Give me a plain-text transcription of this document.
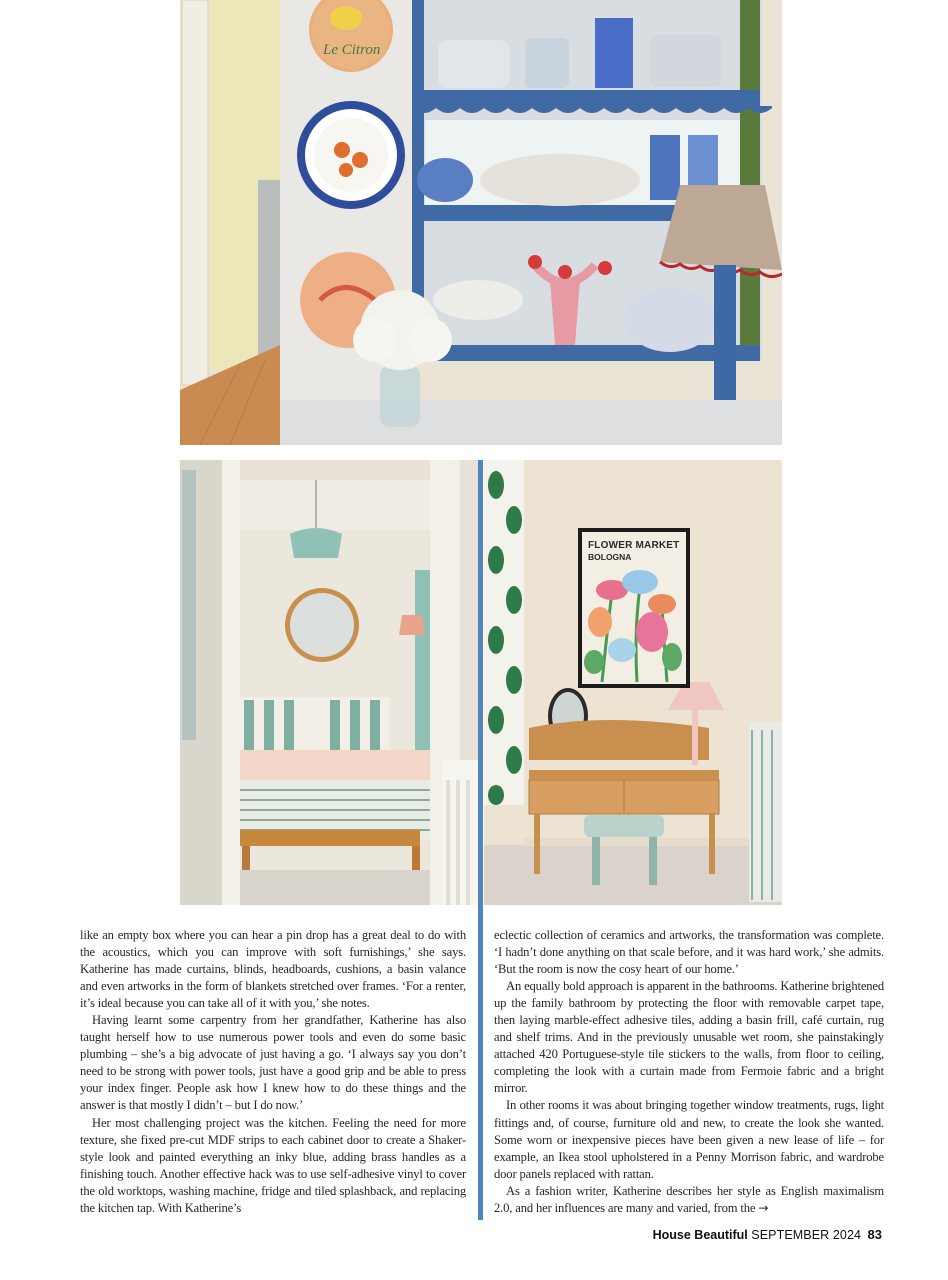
Le Citron
FLOWER MARKET
BOLOGNA

like an empty box where you can hear a pin drop has a great deal to do with the acoustics, which you can improve with soft furnishings,’ she says. Katherine has made curtains, blinds, headboards, cushions, a basin valance and even artworks in the form of blankets stretched over frames. ‘For a renter, it’s ideal because you can take all of it with you,’ she notes.

Having learnt some carpentry from her grandfather, Katherine has also taught herself how to use numerous power tools and even do some basic plumbing – she’s a big advocate of just having a go. ‘I always say you don’t need to be strong with power tools, just have a good grip and be able to press your index finger. People ask how I knew how to do these things and the answer is that mostly I didn’t – but I do now.’

Her most challenging project was the kitchen. Feeling the need for more texture, she fixed pre-cut MDF strips to each cabinet door to create a Shaker-style look and painted everything an inky blue, adding brass handles as a finishing touch. Another effective hack was to use self-adhesive vinyl to cover the old worktops, washing machine, fridge and tiled splashback, and replacing the kitchen tap. With Katherine’s

eclectic collection of ceramics and artworks, the transformation was complete. ‘I hadn’t done anything on that scale before, and it was hard work,’ she admits. ‘But the room is now the cosy heart of our home.’

An equally bold approach is apparent in the bathrooms. Katherine brightened up the family bathroom by protecting the floor with removable carpet tape, then laying marble-effect adhesive tiles, adding a basin frill, café curtain, rug and shelf trims. And in the previously unusable wet room, she painstakingly attached 420 Portuguese-style tile stickers to the walls, from floor to ceiling, completing the look with a curtain made from Fermoie fabric and a bright mirror.

In other rooms it was about bringing together window treatments, rugs, light fittings and, of course, furniture old and new, to create the look she wanted. Some worn or inexpensive pieces have been given a new lease of life – for example, an Ikea stool upholstered in a Penny Morrison fabric, and wardrobe door panels replaced with rattan.

As a fashion writer, Katherine describes her style as English maximalism 2.0, and her influences are many and varied, from the →

House Beautiful SEPTEMBER 2024 83
